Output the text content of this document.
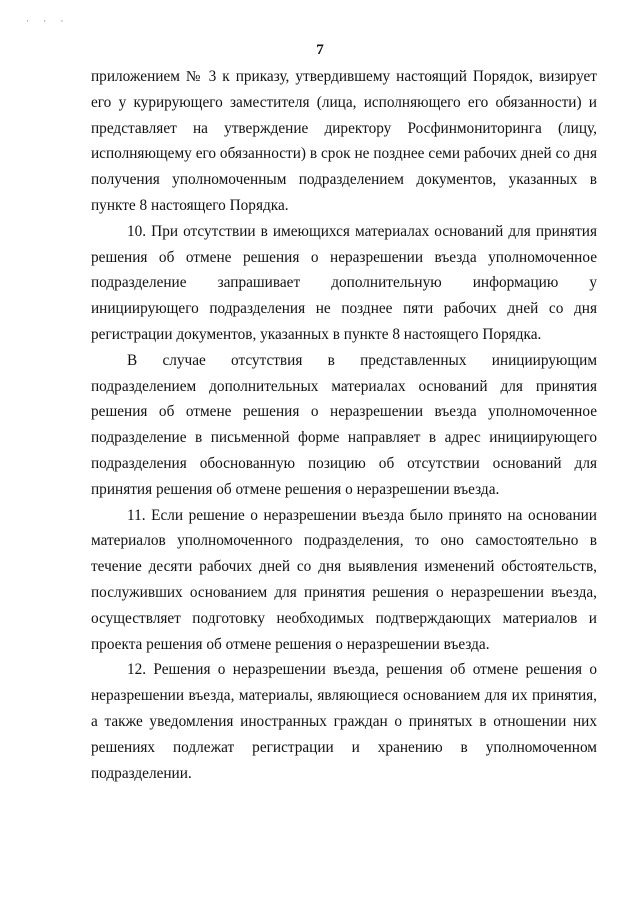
· · ·
7

приложением № 3 к приказу, утвердившему настоящий Порядок, визирует его у курирующего заместителя (лица, исполняющего его обязанности) и представляет на утверждение директору Росфинмониторинга (лицу, исполняющему его обязанности) в срок не позднее семи рабочих дней со дня получения уполномоченным подразделением документов, указанных в пункте 8 настоящего Порядка.

10. При отсутствии в имеющихся материалах оснований для принятия решения об отмене решения о неразрешении въезда уполномоченное подразделение запрашивает дополнительную информацию у инициирующего подразделения не позднее пяти рабочих дней со дня регистрации документов, указанных в пункте 8 настоящего Порядка.

В случае отсутствия в представленных инициирующим подразделением дополнительных материалах оснований для принятия решения об отмене решения о неразрешении въезда уполномоченное подразделение в письменной форме направляет в адрес инициирующего подразделения обоснованную позицию об отсутствии оснований для принятия решения об отмене решения о неразрешении въезда.

11. Если решение о неразрешении въезда было принято на основании материалов уполномоченного подразделения, то оно самостоятельно в течение десяти рабочих дней со дня выявления изменений обстоятельств, послуживших основанием для принятия решения о неразрешении въезда, осуществляет подготовку необходимых подтверждающих материалов и проекта решения об отмене решения о неразрешении въезда.

12. Решения о неразрешении въезда, решения об отмене решения о неразрешении въезда, материалы, являющиеся основанием для их принятия, а также уведомления иностранных граждан о принятых в отношении них решениях подлежат регистрации и хранению в уполномоченном подразделении.
